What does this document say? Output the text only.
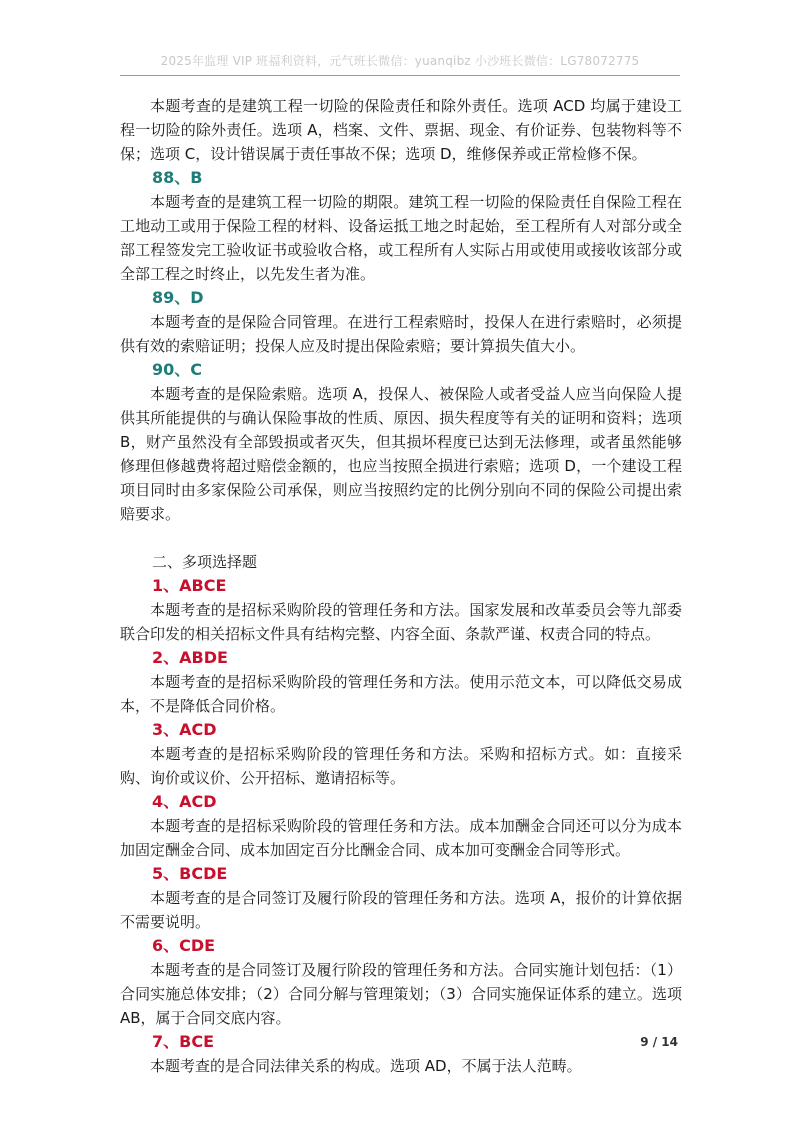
2025年监理 VIP 班福利资料，元气班长微信：yuanqibz 小沙班长微信：LG78072775

本题考查的是建筑工程一切险的保险责任和除外责任。选项 ACD 均属于建设工程一切险的除外责任。选项 A，档案、文件、票据、现金、有价证券、包装物料等不保；选项 C，设计错误属于责任事故不保；选项 D，维修保养或正常检修不保。

88、B

本题考查的是建筑工程一切险的期限。建筑工程一切险的保险责任自保险工程在工地动工或用于保险工程的材料、设备运抵工地之时起始，至工程所有人对部分或全部工程签发完工验收证书或验收合格，或工程所有人实际占用或使用或接收该部分或全部工程之时终止，以先发生者为准。

89、D

本题考查的是保险合同管理。在进行工程索赔时，投保人在进行索赔时，必须提供有效的索赔证明；投保人应及时提出保险索赔；要计算损失值大小。

90、C

本题考查的是保险索赔。选项 A，投保人、被保险人或者受益人应当向保险人提供其所能提供的与确认保险事故的性质、原因、损失程度等有关的证明和资料；选项 B，财产虽然没有全部毁损或者灭失，但其损坏程度已达到无法修理，或者虽然能够修理但修越费将超过赔偿金额的，也应当按照全损进行索赔；选项 D，一个建设工程项目同时由多家保险公司承保，则应当按照约定的比例分别向不同的保险公司提出索赔要求。

二、多项选择题

1、ABCE

本题考查的是招标采购阶段的管理任务和方法。国家发展和改革委员会等九部委联合印发的相关招标文件具有结构完整、内容全面、条款严谨、权责合同的特点。

2、ABDE

本题考查的是招标采购阶段的管理任务和方法。使用示范文本，可以降低交易成本，不是降低合同价格。

3、ACD

本题考查的是招标采购阶段的管理任务和方法。采购和招标方式。如：直接采购、询价或议价、公开招标、邀请招标等。

4、ACD

本题考查的是招标采购阶段的管理任务和方法。成本加酬金合同还可以分为成本加固定酬金合同、成本加固定百分比酬金合同、成本加可变酬金合同等形式。

5、BCDE

本题考查的是合同签订及履行阶段的管理任务和方法。选项 A，报价的计算依据不需要说明。

6、CDE

本题考查的是合同签订及履行阶段的管理任务和方法。合同实施计划包括：（1）合同实施总体安排；（2）合同分解与管理策划；（3）合同实施保证体系的建立。选项 AB，属于合同交底内容。

7、BCE

本题考查的是合同法律关系的构成。选项 AD，不属于法人范畴。

9 / 14
